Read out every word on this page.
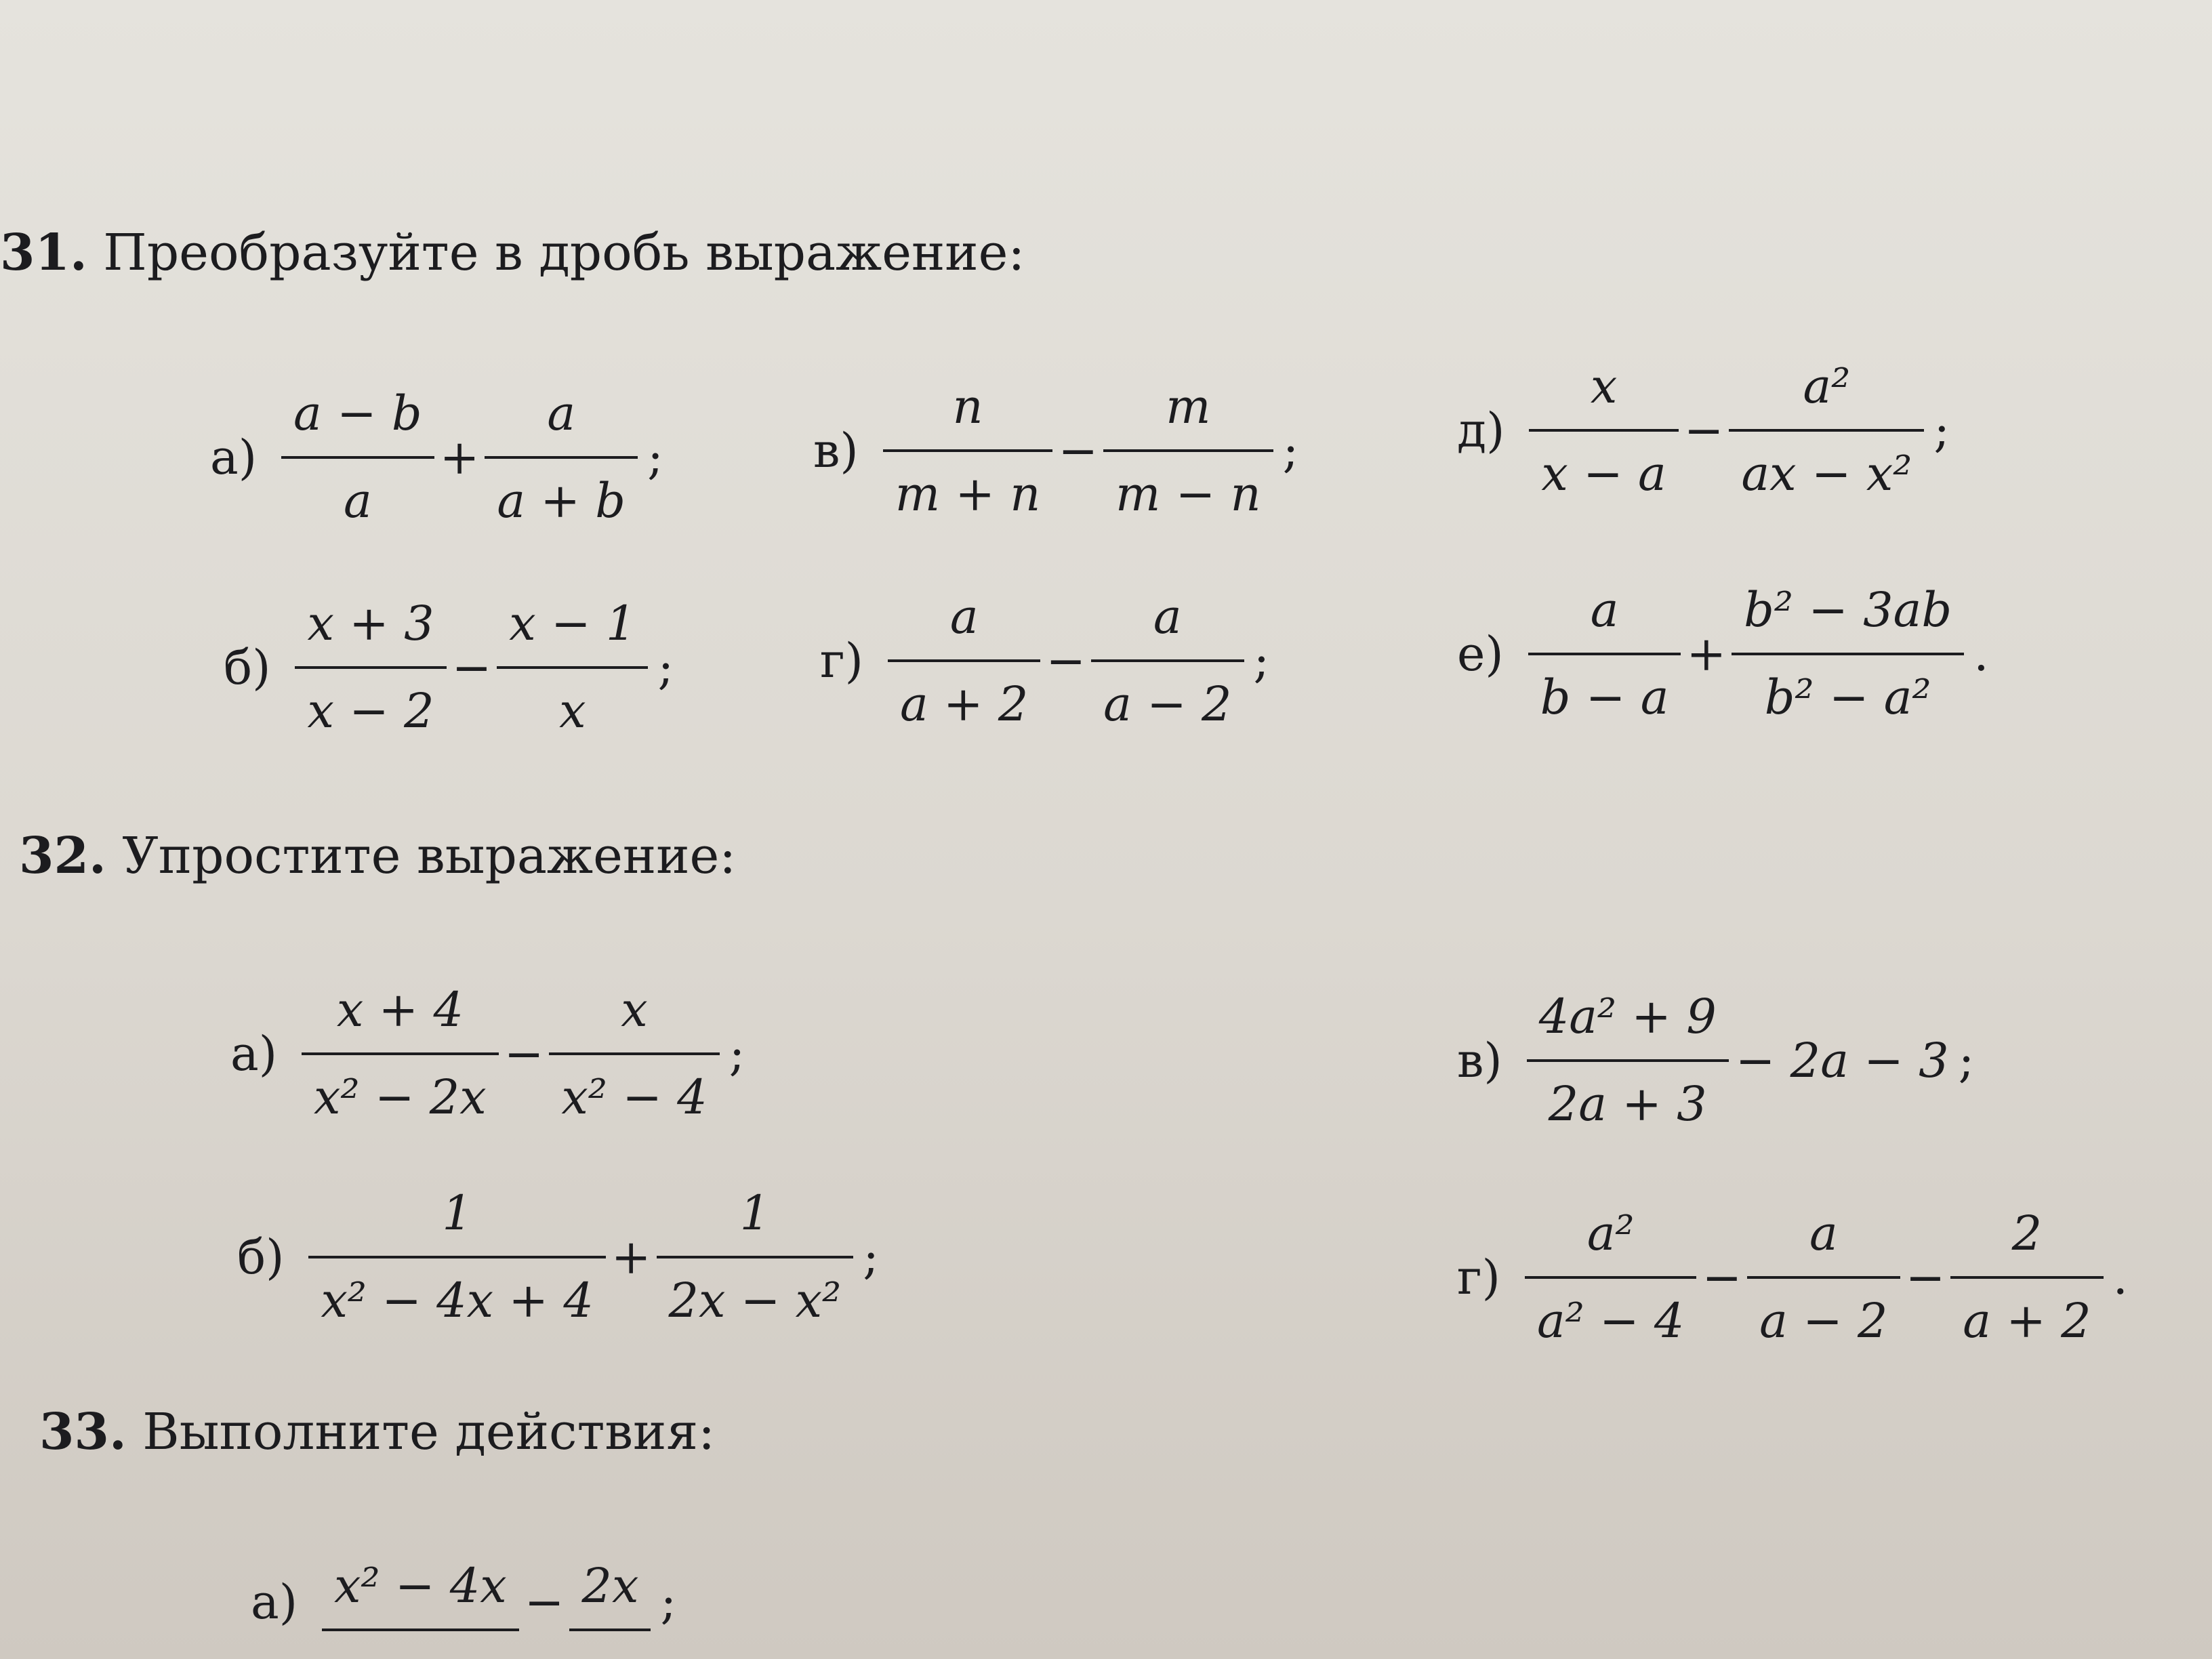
31. Преобразуйте в дробь выражение:
$а) \frac{a - b}{a} + \frac{a}{a + b}$ ;
$б) \frac{x + 3}{x - 2} - \frac{x - 1}{x}$ ;
$в) \frac{n}{m + n} - \frac{m}{m - n}$ ;
$г) \frac{a}{a + 2} - \frac{a}{a - 2}$ ;
$д) \frac{x}{x - a} - \frac{\text{a²}}{\text{ax − x²}}$ ;
$е) \frac{a}{b - a} + \frac{\text{b² − 3ab}}{\text{b² − a²}}$ .
32. Упростите выражение:
$а) \frac{x + 4}{\text{x² − 2x}} - \frac{x}{\text{x² − 4}}$ ;
$б) \frac{1}{\text{x² − 4x + 4}} + \frac{1}{\text{2x − x²}}$ ;
$в) \frac{\text{4a² + 9}}{2a + 3} - 2a - 3$ ;
$г) \frac{\text{a²}}{\text{a² − 4}} - \frac{a}{a - 2} - \frac{2}{a + 2}$ .
33. Выполните действия:
а) x² − 4x − 2x ;
